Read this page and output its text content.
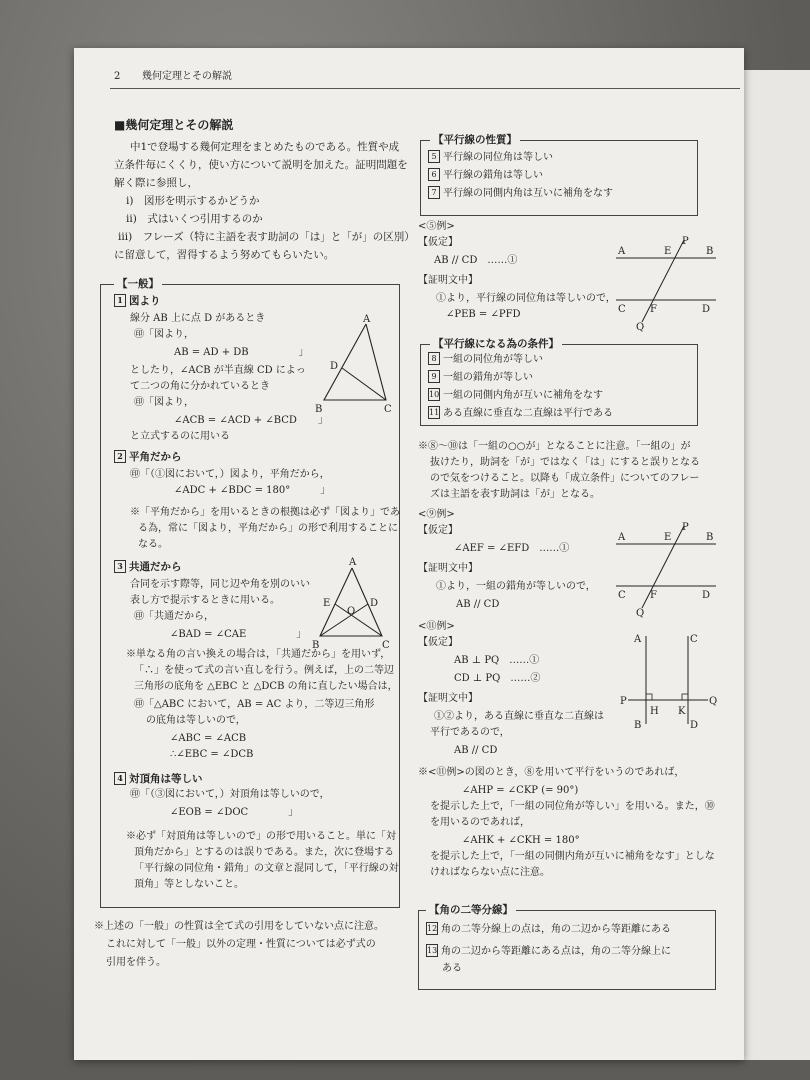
2 幾何定理とその解説
■幾何定理とその解説
中1で登場する幾何定理をまとめたものである。性質や成
立条件毎にくくり，使い方について説明を加えた。証明問題を
解く際に参照し，
i)　図形を明示するかどうか
ii)　式はいくつ引用するのか
iii)　フレーズ（特に主語を表す助詞の「は」と「が」の区別）
に留意して，習得するよう努めてもらいたい。
【一般】
1 図より
線分 AB 上に点 D があるとき
㊞「図より，
AB = AD + DB　　　　　」
としたり，∠ACB が半直線 CD によっ
て二つの角に分かれているとき
㊞「図より，
∠ACB = ∠ACD + ∠BCD 」
と立式するのに用いる
A
D
B	C
2 平角だから
㊞「（①図において，）図より，平角だから，
∠ADC + ∠BDC = 180°　　　」
※「平角だから」を用いるときの根拠は必ず「図より」であ
る為，常に「図より，平角だから」の形で利用することに
なる。
3 共通だから
合同を示す際等，同じ辺や角を別のいい
表し方で提示するときに用いる。
㊞「共通だから，
∠BAD = ∠CAE　　　　　」
※単なる角の言い換えの場合は，「共通だから」を用いず，
「∴」を使って式の言い直しを行う。例えば，上の二等辺
三角形の底角を △EBC と △DCB の角に直したい場合は，
㊞「△ABC において，AB = AC より，二等辺三角形
の底角は等しいので，
∠ABC = ∠ACB
∴∠EBC = ∠DCB
A
E	D
O
B	C
4 対頂角は等しい
㊞「（③図において，）対頂角は等しいので，
∠EOB = ∠DOC　　　　」
※必ず「対頂角は等しいので」の形で用いること。単に「対
頂角だから」とするのは誤りである。また，次に登場する
「平行線の同位角・錯角」の文章と混同して，「平行線の対
頂角」等としないこと。
※上述の「一般」の性質は全て式の引用をしていない点に注意。
これに対して「一般」以外の定理・性質については必ず式の
引用を伴う。
【平行線の性質】
5 平行線の同位角は等しい
6 平行線の錯角は等しい
7 平行線の同側内角は互いに補角をなす
<⑤例>
【仮定】
AB // CD　……①
【証明文中】
①より，平行線の同位角は等しいので，
∠PEB = ∠PFD
A	E	B
C F	D
P
Q
【平行線になる為の条件】
8 一組の同位角が等しい
9 一組の錯角が等しい
10 一組の同側内角が互いに補角をなす
11 ある直線に垂直な二直線は平行である
※⑧〜⑩は「一組の○○が」となることに注意。「一組の」が
抜けたり，助詞を「が」ではなく「は」にすると誤りとなる
ので気をつけること。以降も「成立条件」についてのフレー
ズは主語を表す助詞は「が」となる。
<⑨例>
【仮定】
∠AEF = ∠EFD　……①
【証明文中】
①より，一組の錯角が等しいので，
AB // CD
A	E	B
C F	D
P
Q
<⑪例>
【仮定】
AB ⊥ PQ　……①
CD ⊥ PQ　……②
【証明文中】
①②より，ある直線に垂直な二直線は
平行であるので，
AB // CD
A	C
P
H K
Q
B	D
※<⑪例>の図のとき，⑧を用いて平行をいうのであれば，
∠AHP = ∠CKP (= 90°)
を提示した上で，「一組の同位角が等しい」を用いる。また，⑩
を用いるのであれば，
∠AHK + ∠CKH = 180°
を提示した上で，「一組の同側内角が互いに補角をなす」としな
ければならない点に注意。
【角の二等分線】
12 角の二等分線上の点は，角の二辺から等距離にある
13 角の二辺から等距離にある点は，角の二等分線上に
ある
